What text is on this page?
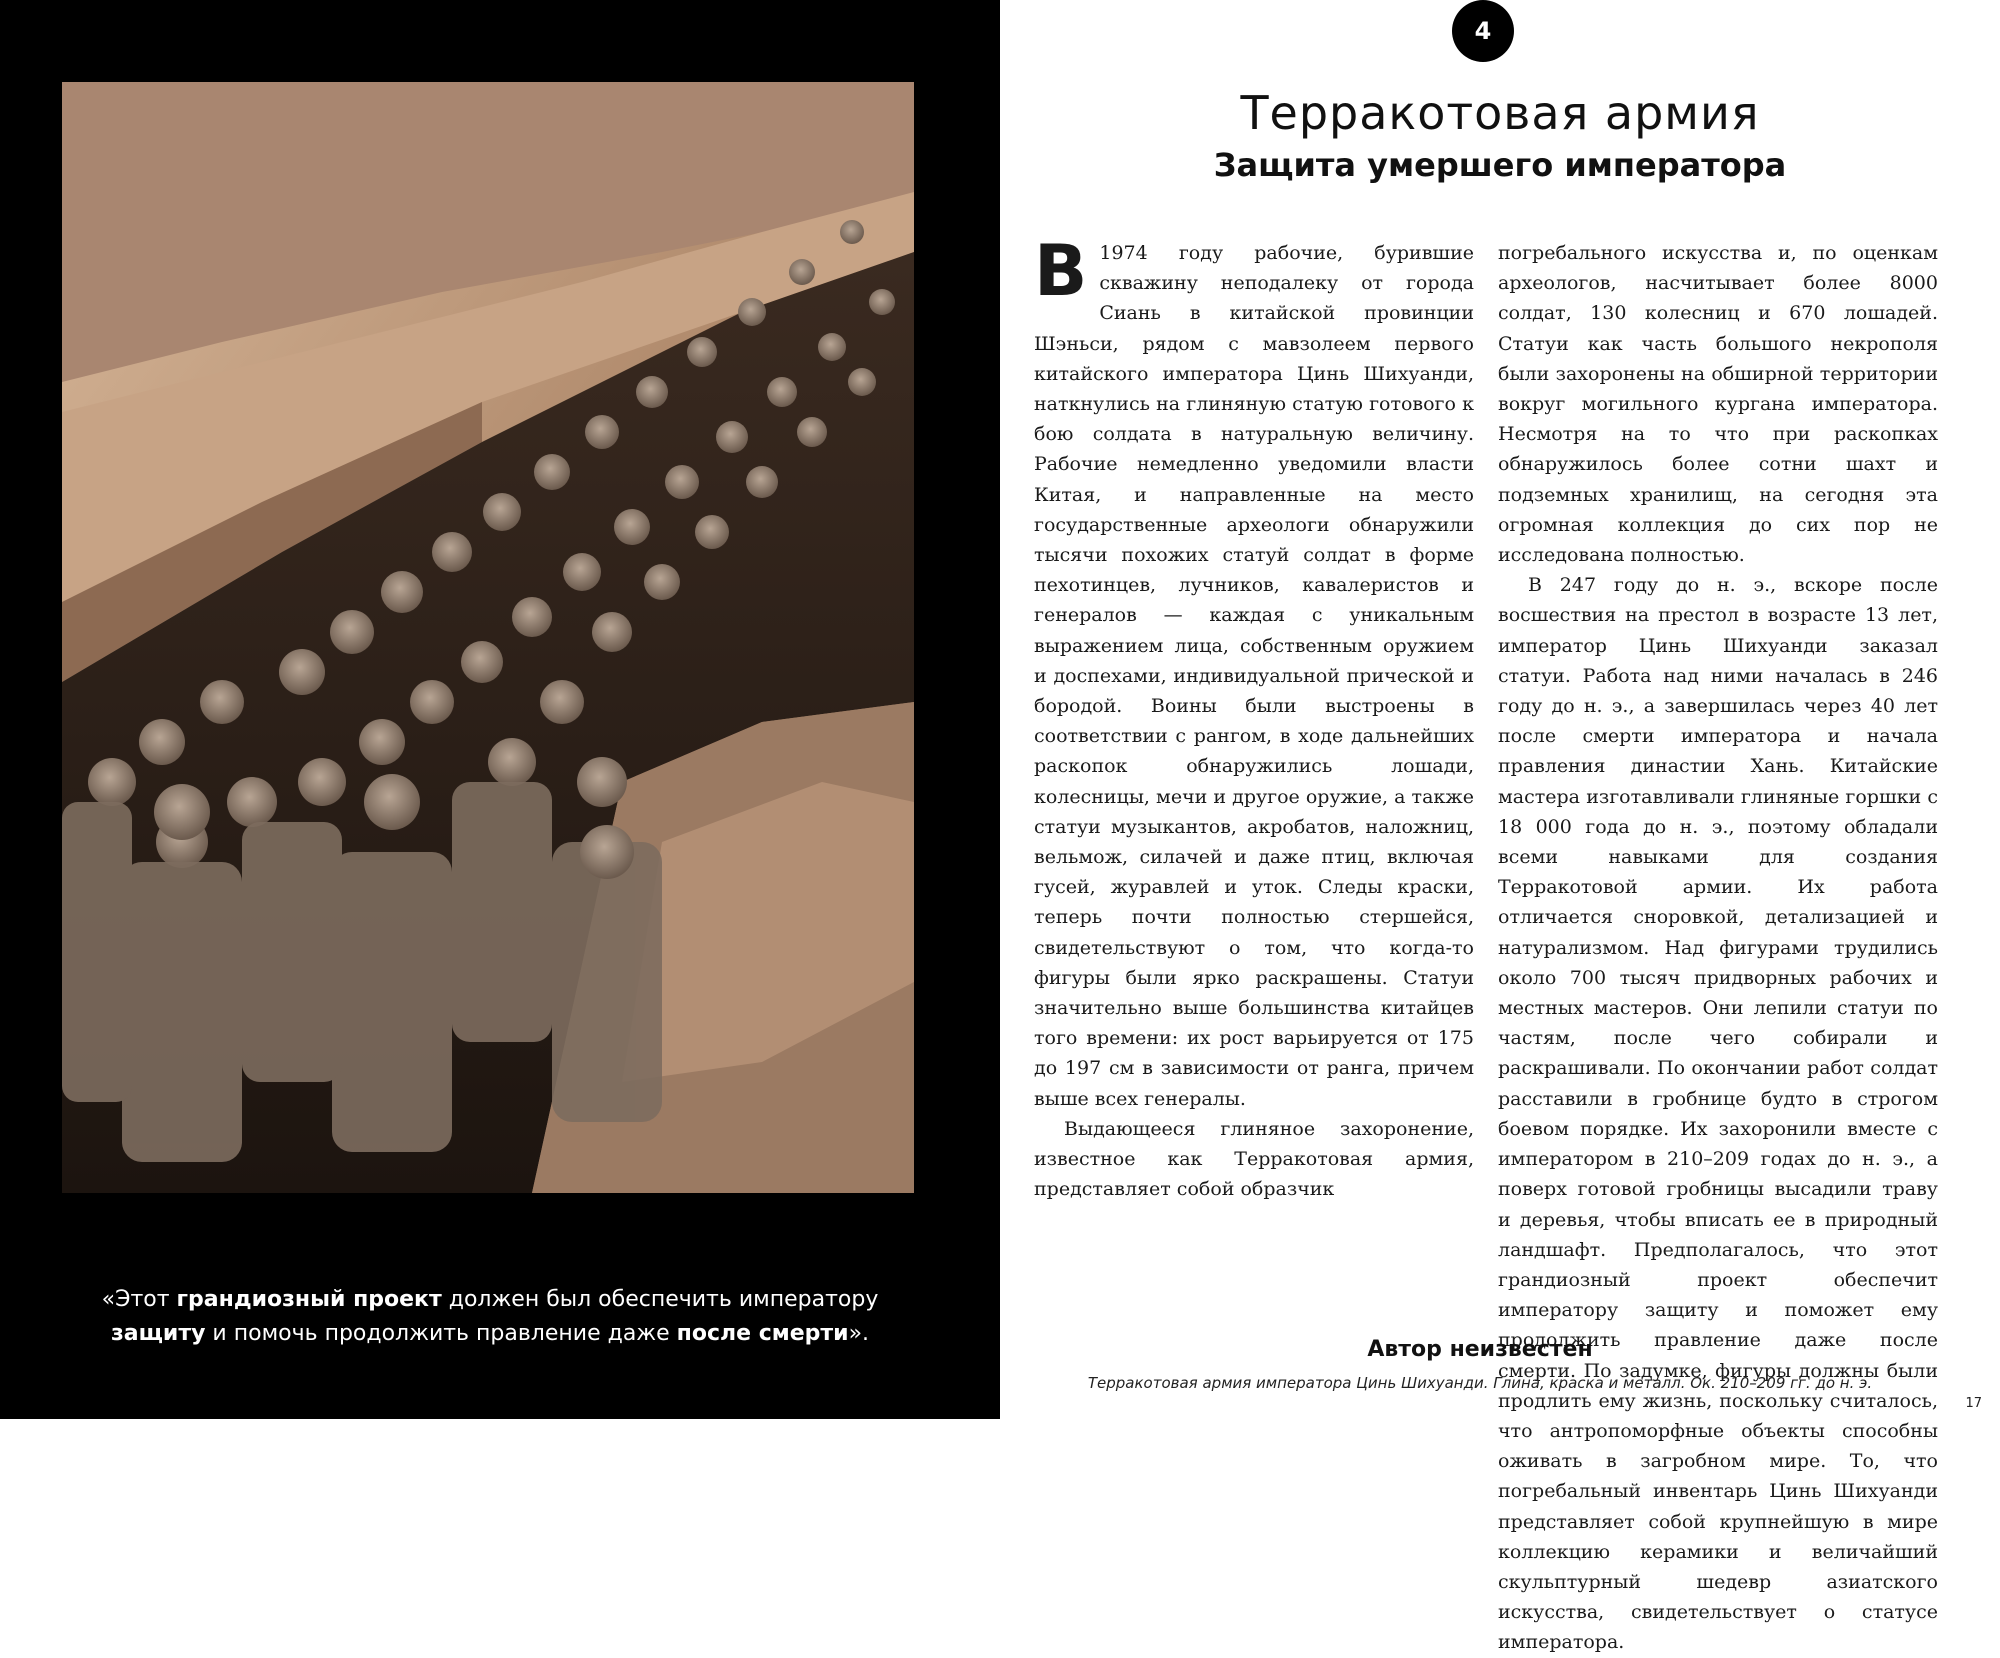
«Этот грандиозный проект должен был обеспечить императору
защиту и помочь продолжить правление даже после смерти».
4
Терракотовая армия
Защита умершего императора

В 1974 году рабочие, бурившие скважину неподалеку от города Сиань в китайской провинции Шэньси, рядом с мавзолеем первого китайского императора Цинь Шихуанди, наткнулись на глиняную статую готового к бою солдата в натуральную величину. Рабочие немедленно уведомили власти Китая, и направленные на место государственные археологи обнаружили тысячи похожих статуй солдат в форме пехотинцев, лучников, кавалеристов и генералов — каждая с уникальным выражением лица, собственным оружием и доспехами, индивидуальной прической и бородой. Воины были выстроены в соответствии с рангом, в ходе дальнейших раскопок обнаружились лошади, колесницы, мечи и другое оружие, а также статуи музыкантов, акробатов, наложниц, вельмож, силачей и даже птиц, включая гусей, журавлей и уток. Следы краски, теперь почти полностью стершейся, свидетельствуют о том, что когда-то фигуры были ярко раскрашены. Статуи значительно выше большинства китайцев того времени: их рост варьируется от 175 до 197 см в зависимости от ранга, причем выше всех генералы.

Выдающееся глиняное захоронение, известное как Терракотовая армия, представляет собой образчик

погребального искусства и, по оценкам археологов, насчитывает более 8000 солдат, 130 колесниц и 670 лошадей. Статуи как часть большого некрополя были захоронены на обширной территории вокруг могильного кургана императора. Несмотря на то что при раскопках обнаружилось более сотни шахт и подземных хранилищ, на сегодня эта огромная коллекция до сих пор не исследована полностью.

В 247 году до н. э., вскоре после восшествия на престол в возрасте 13 лет, император Цинь Шихуанди заказал статуи. Работа над ними началась в 246 году до н. э., а завершилась через 40 лет после смерти императора и начала правления династии Хань. Китайские мастера изготавливали глиняные горшки с 18 000 года до н. э., поэтому обладали всеми навыками для создания Терракотовой армии. Их работа отличается сноровкой, детализацией и натурализмом. Над фигурами трудились около 700 тысяч придворных рабочих и местных мастеров. Они лепили статуи по частям, после чего собирали и раскрашивали. По окончании работ солдат расставили в гробнице будто в строгом боевом порядке. Их захоронили вместе с императором в 210–209 годах до н. э., а поверх готовой гробницы высадили траву и деревья, чтобы вписать ее в природный ландшафт. Предполагалось, что этот грандиозный проект обеспечит императору защиту и поможет ему продолжить правление даже после смерти. По задумке, фигуры должны были продлить ему жизнь, поскольку считалось, что антропоморфные объекты способны оживать в загробном мире. То, что погребальный инвентарь Цинь Шихуанди представляет собой крупнейшую в мире коллекцию керамики и величайший скульптурный шедевр азиатского искусства, свидетельствует о статусе императора.

Автор неизвестен
Терракотовая армия императора Цинь Шихуанди. Глина, краска и металл. Ок. 210–209 гг. до н. э.
17
